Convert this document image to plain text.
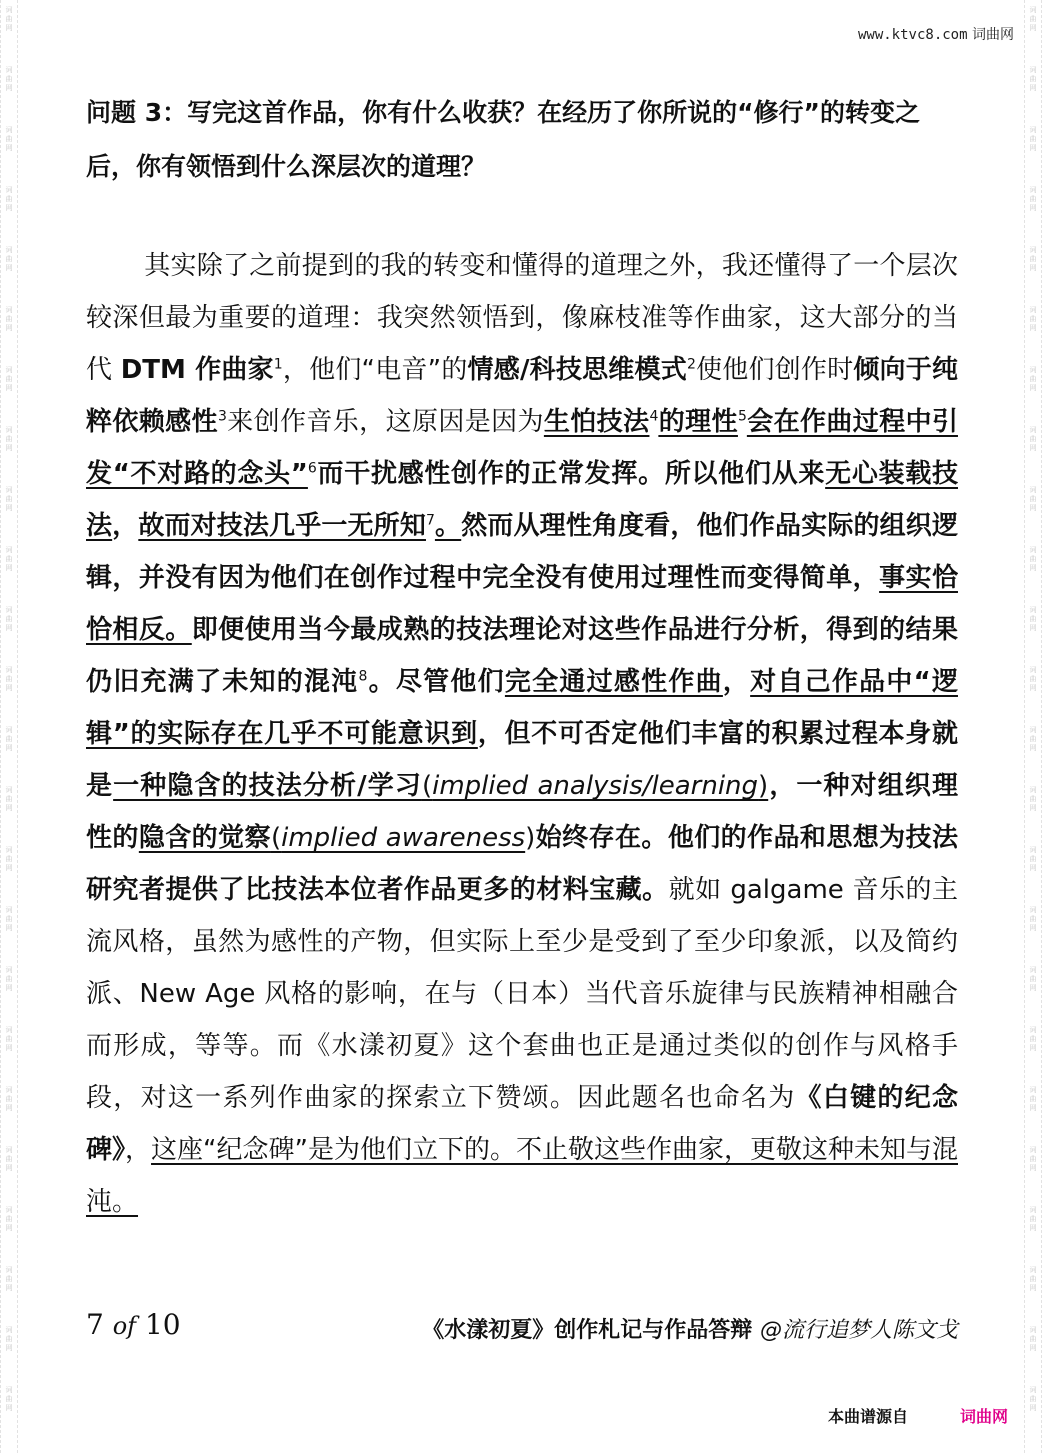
词
曲
网
词
曲
网
词
曲
网
词
曲
网
词
曲
网
词
曲
网
词
曲
网
词
曲
网
词
曲
网
词
曲
网
词
曲
网
词
曲
网
词
曲
网
词
曲
网
词
曲
网
词
曲
网
词
曲
网
词
曲
网
词
曲
网
词
曲
网
词
曲
网
词
曲
网
词
曲
网
词
曲
网
词
曲
网
词
曲
网
词
曲
网
词
曲
网
词
曲
网
词
曲
网
词
曲
网
词
曲
网
词
曲
网
词
曲
网
词
曲
网
词
曲
网
词
曲
网
词
曲
网
词
曲
网
词
曲
网
词
曲
网
词
曲
网
词
曲
网
词
曲
网
词
曲
网
词
曲
网
词
曲
网
词
曲
网
www.ktvc8.com 词曲网

问题 3：写完这首作品，你有什么收获？在经历了你所说的“修行”的转变之后，你有领悟到什么深层次的道理？

其实除了之前提到的我的转变和懂得的道理之外，我还懂得了一个层次较深但最为重要的道理：我突然领悟到，像麻枝准等作曲家，这大部分的当代 DTM 作曲家$^1$，他们“电音”的情感/科技思维模式$^2$使他们创作时倾向于纯粹依赖感性$^3$来创作音乐，这原因是因为生怕技法$^4$的理性$^5$会在作曲过程中引发“不对路的念头”$^6$而干扰感性创作的正常发挥。所以他们从来无心装载技法，故而对技法几乎一无所知$^7$。然而从理性角度看，他们作品实际的组织逻辑，并没有因为他们在创作过程中完全没有使用过理性而变得简单，事实恰恰相反。即便使用当今最成熟的技法理论对这些作品进行分析，得到的结果仍旧充满了未知的混沌$^8$。尽管他们完全通过感性作曲，对自己作品中“逻辑”的实际存在几乎不可能意识到，但不可否定他们丰富的积累过程本身就是一种隐含的技法分析/学习(implied analysis/learning)，一种对组织理性的隐含的觉察(implied awareness)始终存在。他们的作品和思想为技法研究者提供了比技法本位者作品更多的材料宝藏。就如 galgame 音乐的主流风格，虽然为感性的产物，但实际上至少是受到了至少印象派，以及简约派、New Age 风格的影响，在与（日本）当代音乐旋律与民族精神相融合而形成，等等。而《水漾初夏》这个套曲也正是通过类似的创作与风格手段，对这一系列作曲家的探索立下赞颂。因此题名也命名为《白键的纪念碑》，这座“纪念碑”是为他们立下的。不止敬这些作曲家，更敬这种未知与混沌。

7 of 10	《水漾初夏》创作札记与作品答辩 @流行追梦人陈文戈
本曲谱源自	词曲网
